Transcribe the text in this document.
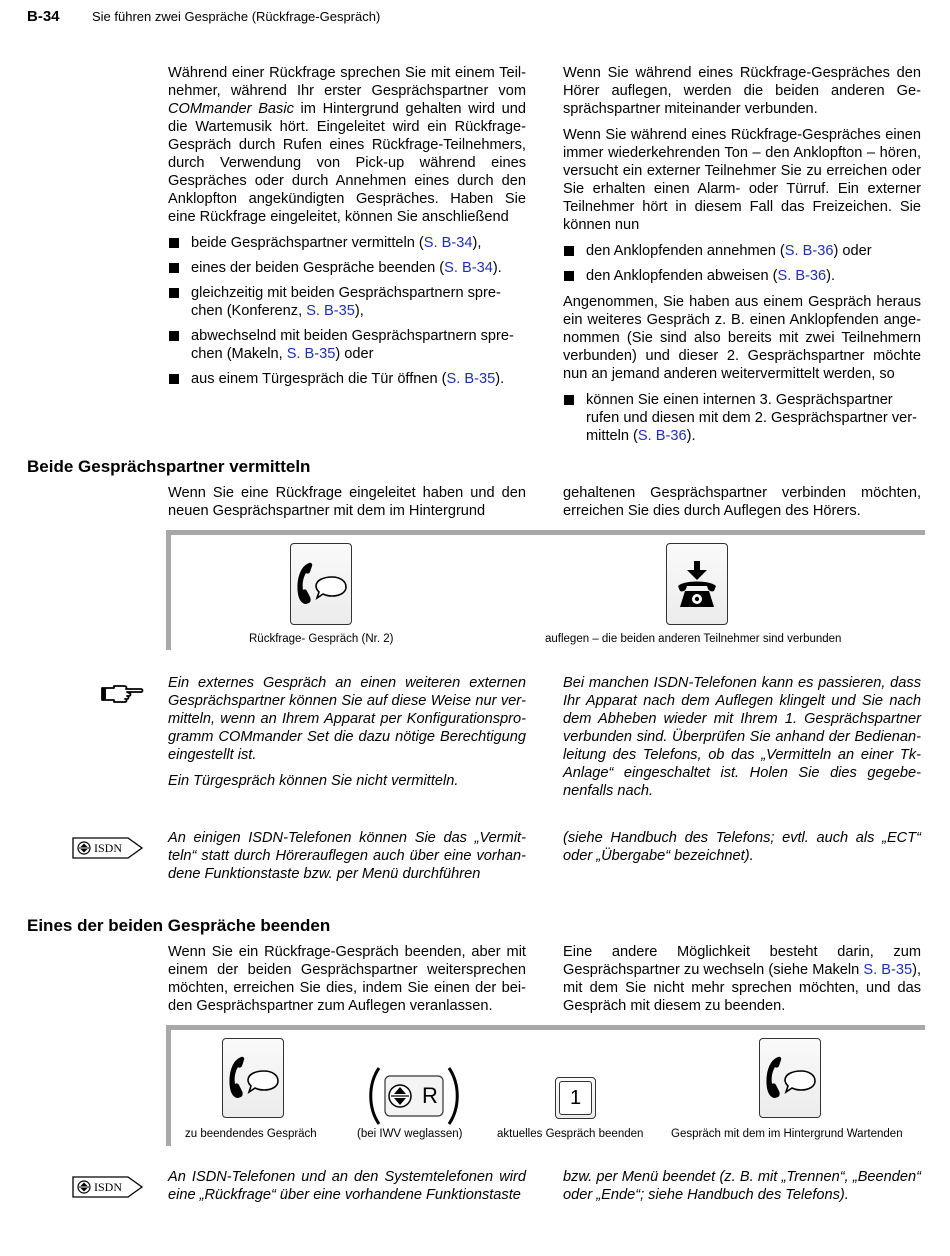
B-34 Sie führen zwei Gespräche (Rückfrage-Gespräch)

Während einer Rückfrage sprechen Sie mit einem Teilnehmer, während Ihr erster Gesprächspartner vom COMmander Basic im Hintergrund gehalten wird und die Wartemusik hört. Eingeleitet wird ein Rückfrage-Gespräch durch Rufen eines Rückfrage-Teilnehmers, durch Verwendung von Pick-up während eines Gespräches oder durch Annehmen eines durch den Anklopfton angekündigten Gespräches. Haben Sie eine Rückfrage eingeleitet, können Sie anschließend

beide Gesprächspartner vermitteln (S. B-34),
eines der beiden Gespräche beenden (S. B-34).
gleichzeitig mit beiden Gesprächspartnern sprechen (Konferenz, S. B-35),
abwechselnd mit beiden Gesprächspartnern sprechen (Makeln, S. B-35) oder
aus einem Türgespräch die Tür öffnen (S. B-35).

Wenn Sie während eines Rückfrage-Gespräches den Hörer auflegen, werden die beiden anderen Gesprächspartner miteinander verbunden.

Wenn Sie während eines Rückfrage-Gespräches einen immer wiederkehrenden Ton – den Anklopfton – hören, versucht ein externer Teilnehmer Sie zu erreichen oder Sie erhalten einen Alarm- oder Türruf. Ein externer Teilnehmer hört in diesem Fall das Freizeichen. Sie können nun

den Anklopfenden annehmen (S. B-36) oder
den Anklopfenden abweisen (S. B-36).

Angenommen, Sie haben aus einem Gespräch heraus ein weiteres Gespräch z. B. einen Anklopfenden angenommen (Sie sind also bereits mit zwei Teilnehmern verbunden) und dieser 2. Gesprächspartner möchte nun an jemand anderen weitervermittelt werden, so

können Sie einen internen 3. Gesprächspartner rufen und diesen mit dem 2. Gesprächspartner vermitteln (S. B-36).
Beide Gesprächspartner vermitteln

Wenn Sie eine Rückfrage eingeleitet haben und den neuen Gesprächspartner mit dem im Hintergrund

gehaltenen Gesprächspartner verbinden möchten, erreichen Sie dies durch Auflegen des Hörers.

Rückfrage- Gespräch (Nr. 2)	auflegen – die beiden anderen Teilnehmer sind verbunden

Ein externes Gespräch an einen weiteren externen Gesprächspartner können Sie auf diese Weise nur vermitteln, wenn an Ihrem Apparat per Konfigurationsprogramm COMmander Set die dazu nötige Berechtigung eingestellt ist.

Ein Türgespräch können Sie nicht vermitteln.

Bei manchen ISDN-Telefonen kann es passieren, dass Ihr Apparat nach dem Auflegen klingelt und Sie nach dem Abheben wieder mit Ihrem 1. Gesprächspartner verbunden sind. Überprüfen Sie anhand der Bedienanleitung des Telefons, ob das „Vermitteln an einer Tk-Anlage“ eingeschaltet ist. Holen Sie dies gegebenenfalls nach.

ISDN

An einigen ISDN-Telefonen können Sie das „Vermitteln“ statt durch Hörerauflegen auch über eine vorhandene Funktionstaste bzw. per Menü durchführen

(siehe Handbuch des Telefons; evtl. auch als „ECT“ oder „Übergabe“ bezeichnet).

Eines der beiden Gespräche beenden

Wenn Sie ein Rückfrage-Gespräch beenden, aber mit einem der beiden Gesprächspartner weitersprechen möchten, erreichen Sie dies, indem Sie einen der beiden Gesprächspartner zum Auflegen veranlassen.

Eine andere Möglichkeit besteht darin, zum Gesprächspartner zu wechseln (siehe Makeln S. B-35), mit dem Sie nicht mehr sprechen möchten, und das Gespräch mit diesem zu beenden.

zu beendendes Gespräch
R
(bei IWV weglassen)
1
aktuelles Gespräch beenden Gespräch mit dem im Hintergrund Wartenden
ISDN

An ISDN-Telefonen und an den Systemtelefonen wird eine „Rückfrage“ über eine vorhandene Funktionstaste

bzw. per Menü beendet (z. B. mit „Trennen“, „Beenden“ oder „Ende“; siehe Handbuch des Telefons).
